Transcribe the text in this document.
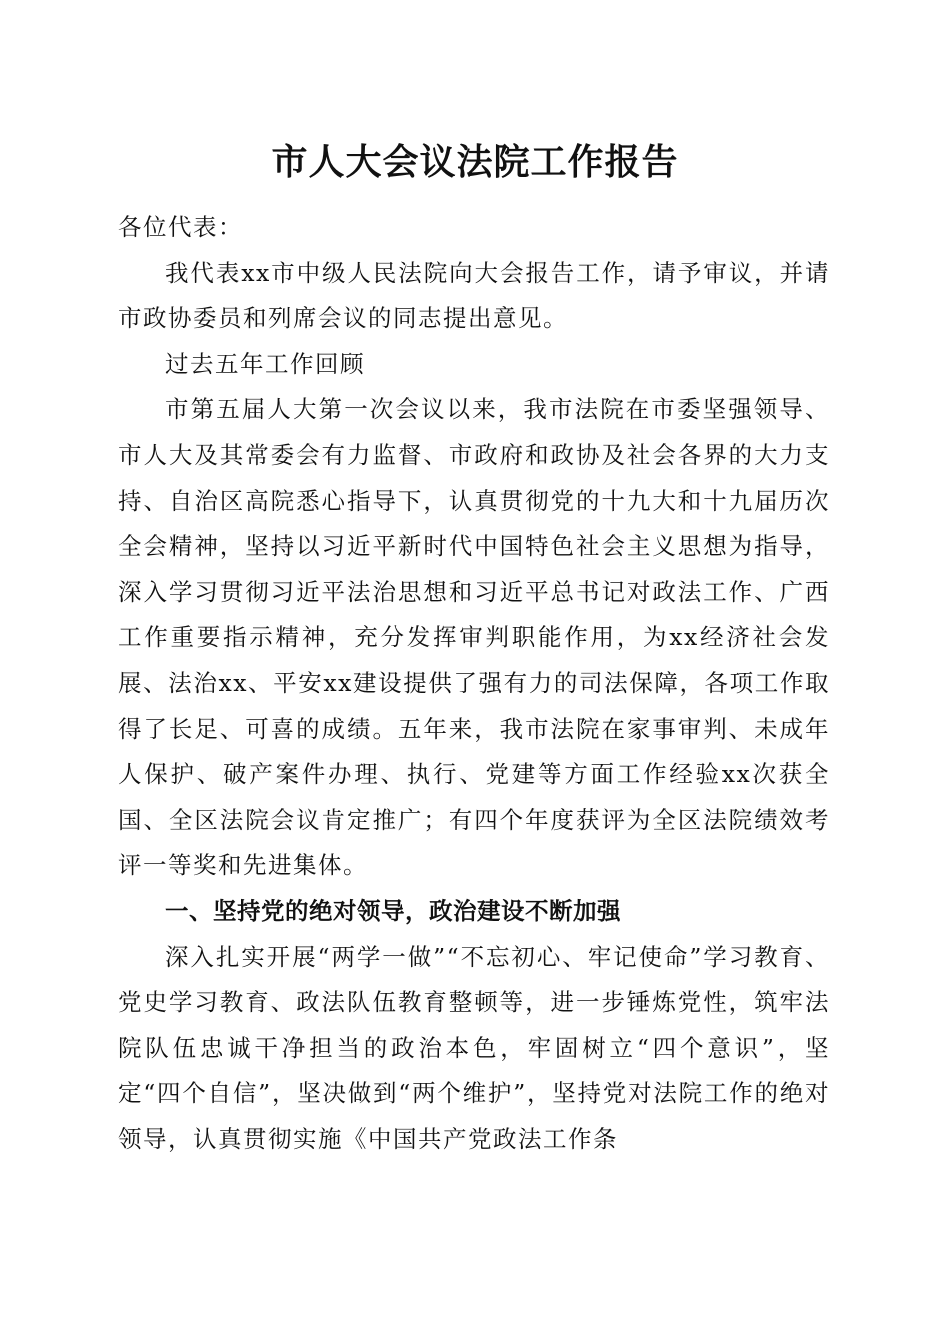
市人大会议法院工作报告

各位代表：

我代表xx市中级人民法院向大会报告工作，请予审议，并请市政协委员和列席会议的同志提出意见。

过去五年工作回顾

市第五届人大第一次会议以来，我市法院在市委坚强领导、市人大及其常委会有力监督、市政府和政协及社会各界的大力支持、自治区高院悉心指导下，认真贯彻党的十九大和十九届历次全会精神，坚持以习近平新时代中国特色社会主义思想为指导，深入学习贯彻习近平法治思想和习近平总书记对政法工作、广西工作重要指示精神，充分发挥审判职能作用，为xx经济社会发展、法治xx、平安xx建设提供了强有力的司法保障，各项工作取得了长足、可喜的成绩。五年来，我市法院在家事审判、未成年人保护、破产案件办理、执行、党建等方面工作经验xx次获全国、全区法院会议肯定推广；有四个年度获评为全区法院绩效考评一等奖和先进集体。

一、坚持党的绝对领导，政治建设不断加强

深入扎实开展“两学一做”“不忘初心、牢记使命”学习教育、党史学习教育、政法队伍教育整顿等，进一步锤炼党性，筑牢法院队伍忠诚干净担当的政治本色，牢固树立“四个意识”，坚定“四个自信”，坚决做到“两个维护”，坚持党对法院工作的绝对领导，认真贯彻实施《中国共产党政法工作条
